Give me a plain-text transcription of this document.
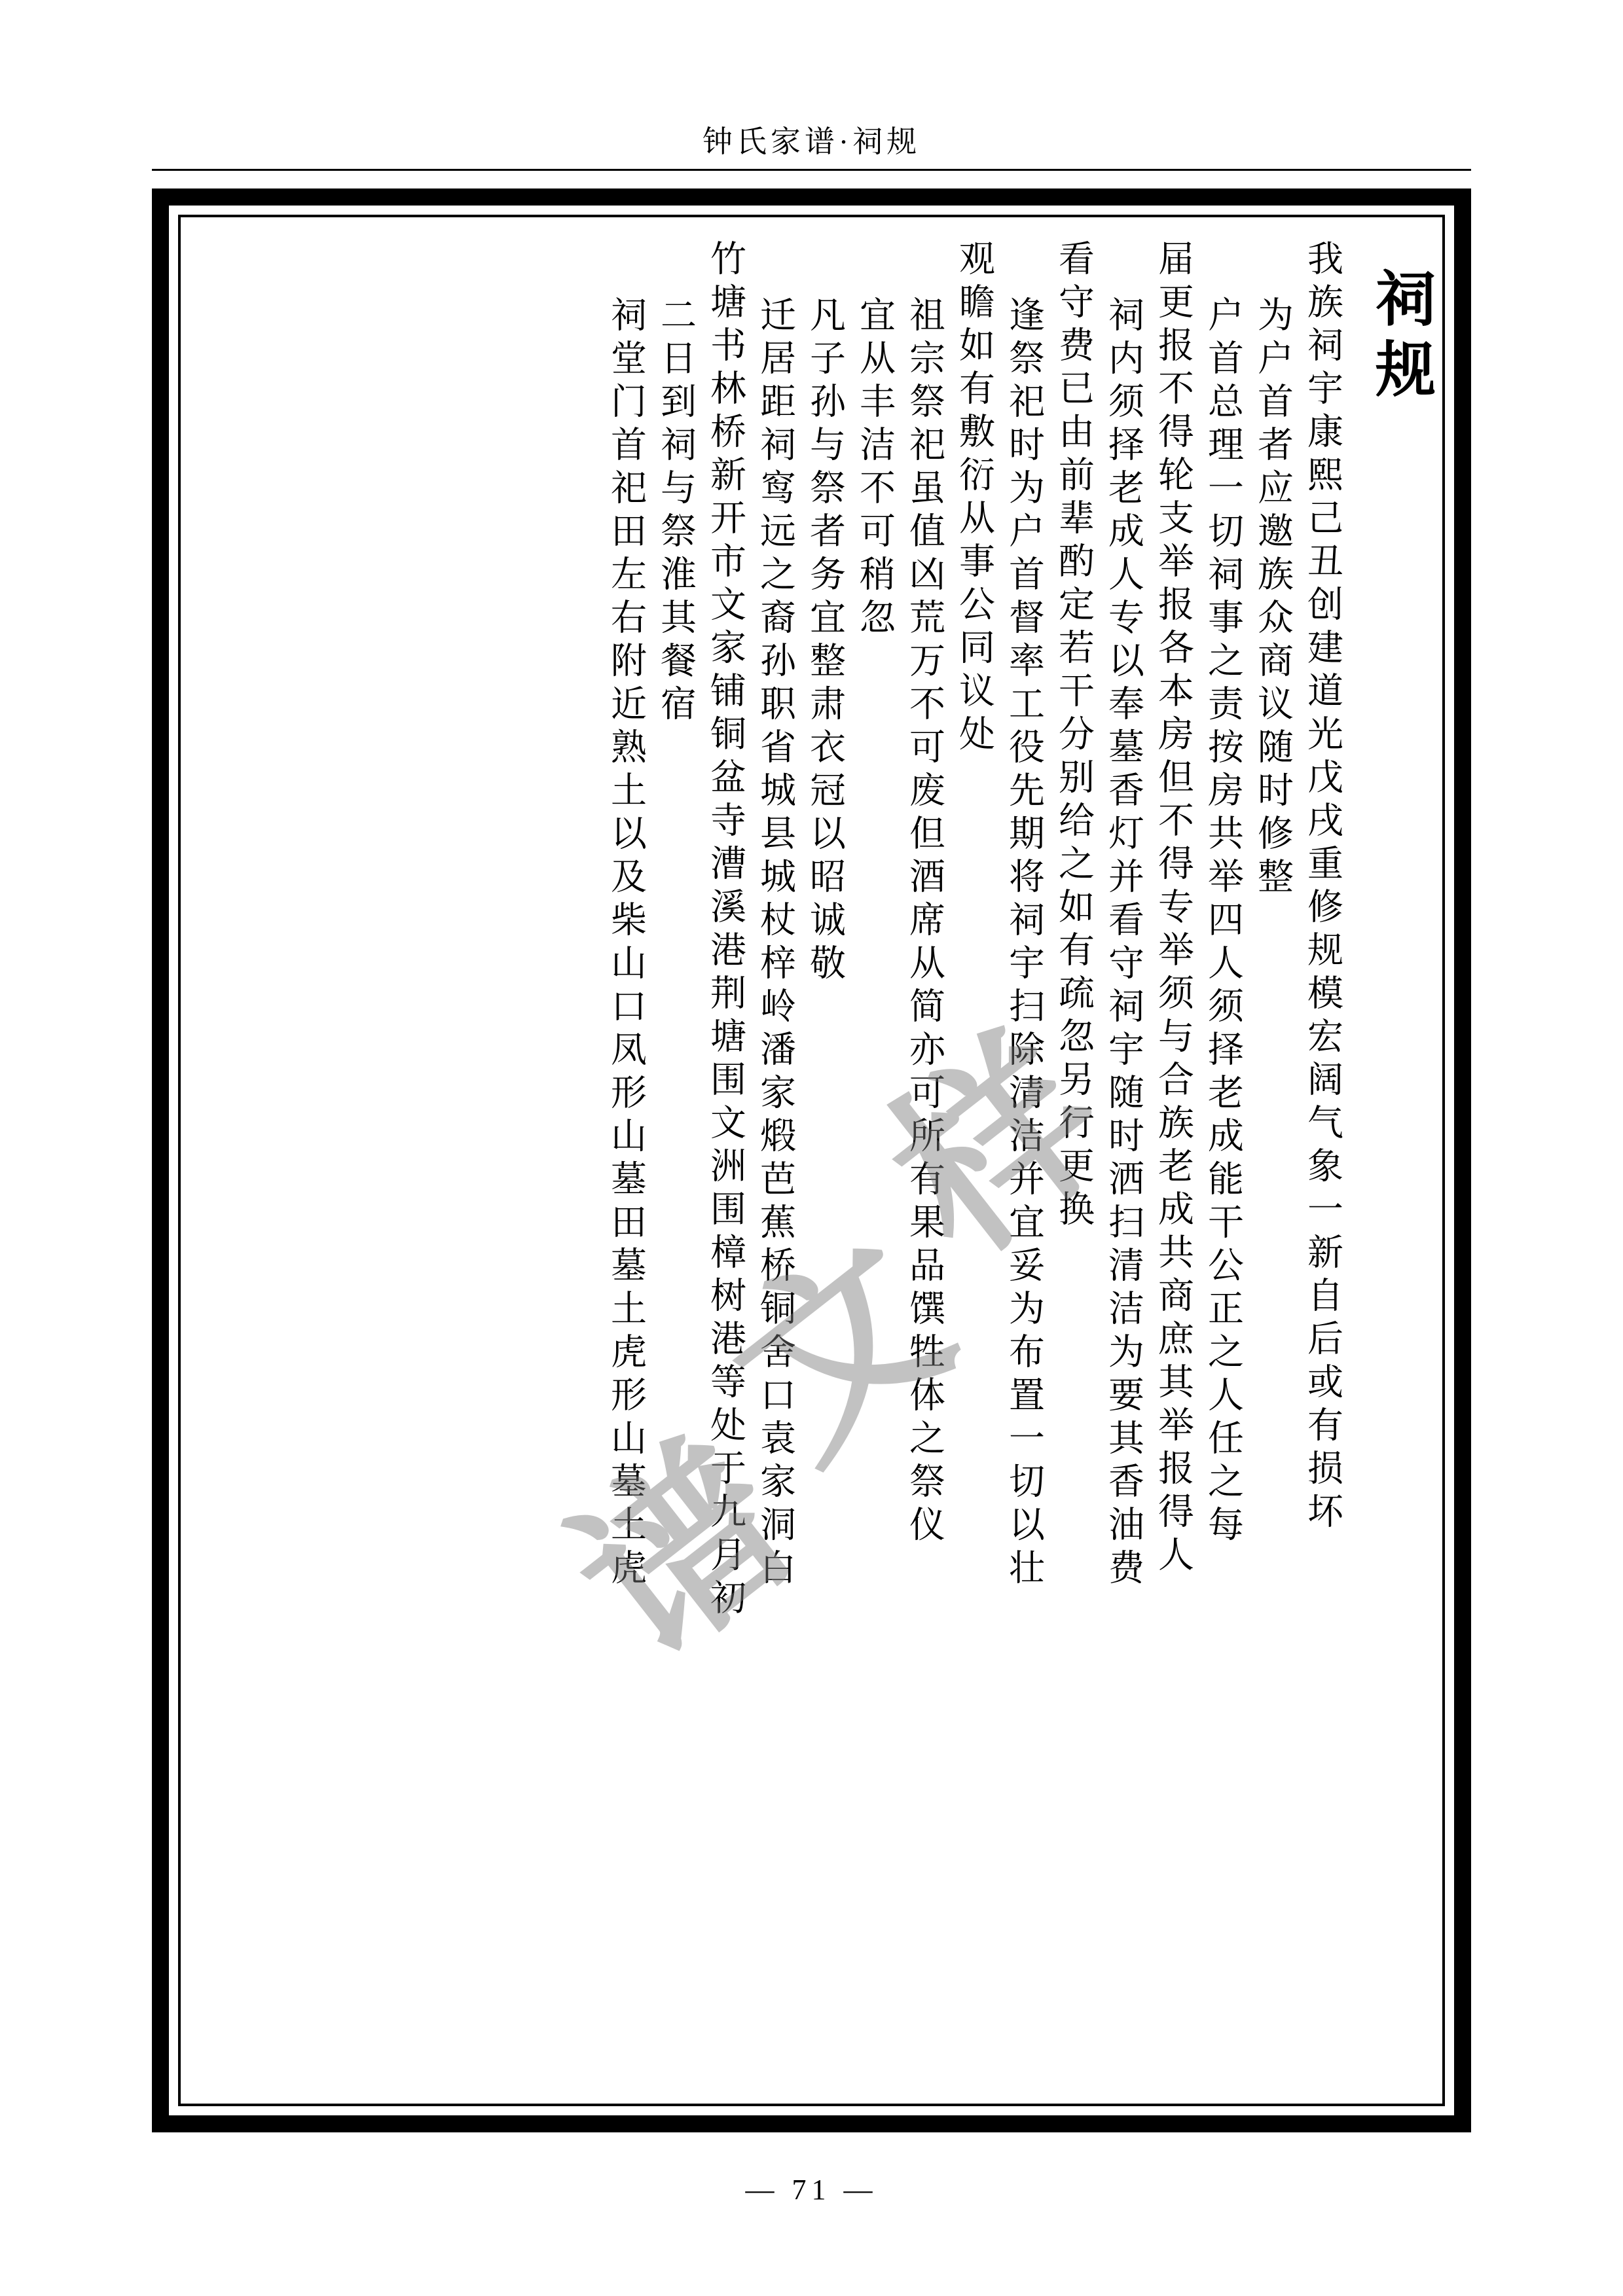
钟氏家谱·祠规
祠规
我族祠宇康熙己丑创建道光戊戌重修规模宏阔气象一新自后或有损坏
为户首者应邀族众商议随时修整
户首总理一切祠事之责按房共举四人须择老成能干公正之人任之每
届更报不得轮支举报各本房但不得专举须与合族老成共商庶其举报得人
祠内须择老成人专以奉墓香灯并看守祠宇随时洒扫清洁为要其香油费
看守费已由前辈酌定若干分别给之如有疏忽另行更换
逢祭祀时为户首督率工役先期将祠宇扫除清洁并宜妥为布置一切以壮
观瞻如有敷衍从事公同议处
祖宗祭祀虽值凶荒万不可废但酒席从简亦可所有果品馔牲体之祭仪
宜从丰洁不可稍忽
凡子孙与祭者务宜整肃衣冠以昭诚敬
迁居距祠窎远之裔孙职省城县城杖梓岭潘家煅芭蕉桥铜舍口袁家洞白
竹塘书林桥新开市文家铺铜盆寺漕溪港荆塘围文洲围樟树港等处于九月初
二日到祠与祭淮其餐宿
祠堂门首祀田左右附近熟土以及柴山口凤形山墓田墓土虎形山墓土虎 样
文
谱
— 71 —
